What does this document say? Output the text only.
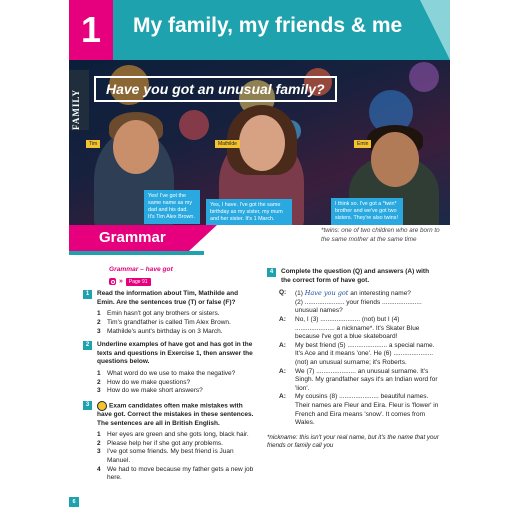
1	My family, my friends & me
FAMILY	Have you got an unusual family?
Tim
Yes! I've got the same name as my dad and his dad. It's Tim Alex Brown.
Mathilde
Yes, I have. I've got the same birthday as my sister, my mum and her sister. It's 1 March.
Emin
I think so. I've got a *twin* brother and we've got two sisters. They're also twins!
*twins: one of two children who are born to the same mother at the same time
Grammar
Grammar – have got
»	Page 91
1	Read the information about Tim, Mathilde and Emin. Are the sentences true (T) or false (F)?
1 Emin hasn't got any brothers or sisters.
2 Tim's grandfather is called Tim Alex Brown.
3 Mathilde's aunt's birthday is on 3 March.
2	Underline examples of have got and has got in the texts and questions in Exercise 1, then answer the questions below.
1 What word do we use to make the negative?
2 How do we make questions?
3 How do we make short answers?
3	Exam candidates often make mistakes with have got. Correct the mistakes in these sentences. The sentences are all in British English.
1 Her eyes are green and she gots long, black hair.
2 Please help her if she got any problems.
3 I've got some friends. My best friend is Juan Manuel.
4 We had to move because my father gets a new job here.
4	Complete the question (Q) and answers (A) with the correct form of have got.
Q:	(1) Have you got an interesting name?
(2) ...................... your friends ...................... unusual names?
A:	No, I (3) ...................... (not) but I (4) ...................... a nickname*. It's Skater Blue because I've got a blue skateboard!
A:	My best friend (5) ...................... a special name. It's Ace and it means 'one'. He (6) ...................... (not) an unusual surname; it's Roberts.
A:	We (7) ...................... an unusual surname. It's Singh. My grandfather says it's an Indian word for 'lion'.
A:	My cousins (8) ...................... beautiful names. Their names are Fleur and Eira. Fleur is 'flower' in French and Eira means 'snow'. It comes from Wales.
*nickname: this isn't your real name, but it's the name that your friends or family call you
6
